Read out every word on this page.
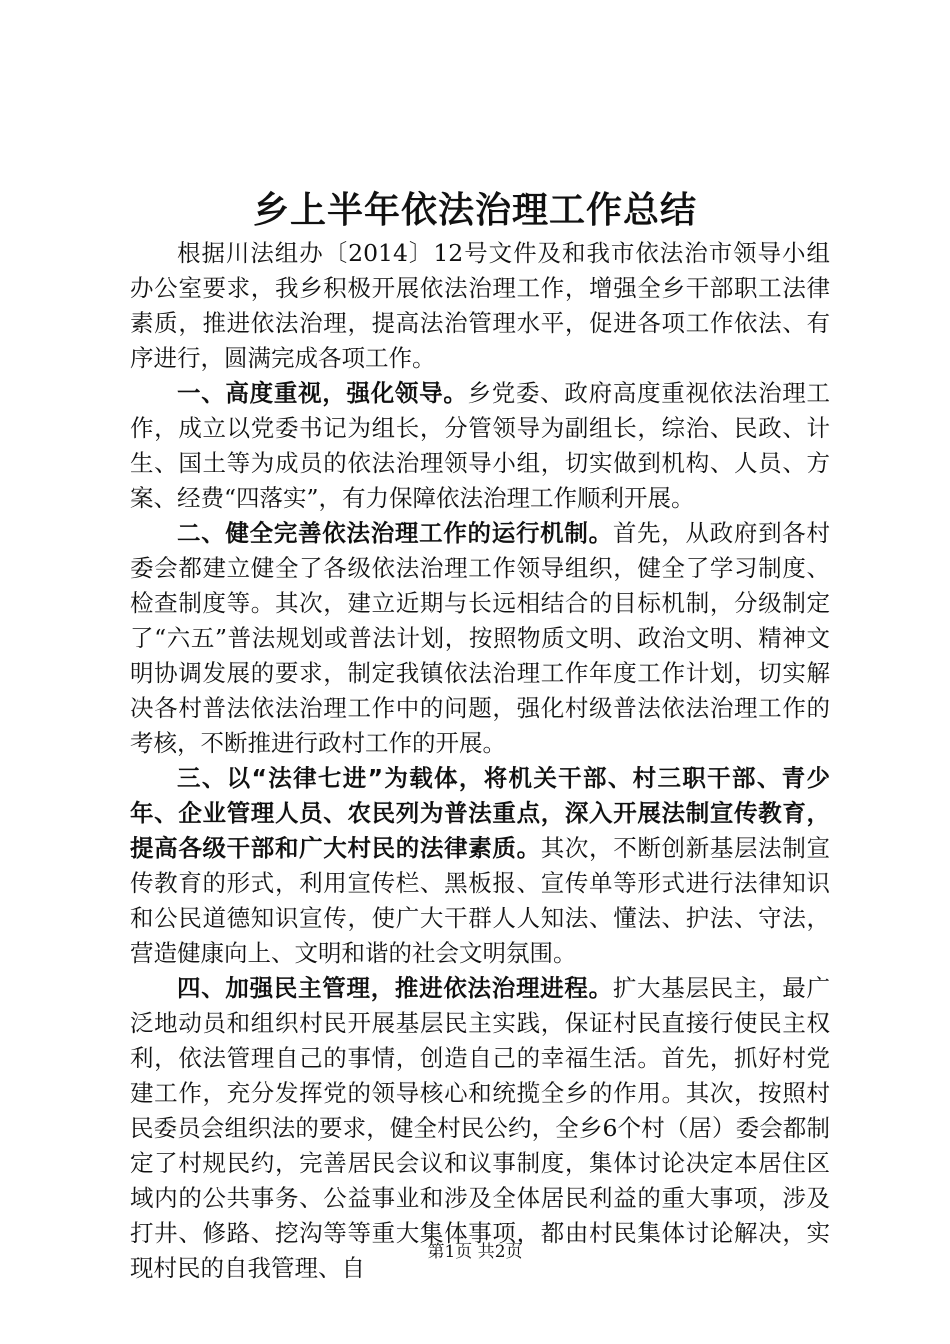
乡上半年依法治理工作总结

根据川法组办〔2014〕12号文件及和我市依法治市领导小组办公室要求，我乡积极开展依法治理工作，增强全乡干部职工法律素质，推进依法治理，提高法治管理水平，促进各项工作依法、有序进行，圆满完成各项工作。

一、高度重视，强化领导。乡党委、政府高度重视依法治理工作，成立以党委书记为组长，分管领导为副组长，综治、民政、计生、国土等为成员的依法治理领导小组，切实做到机构、人员、方案、经费“四落实”，有力保障依法治理工作顺利开展。

二、健全完善依法治理工作的运行机制。首先，从政府到各村委会都建立健全了各级依法治理工作领导组织，健全了学习制度、检查制度等。其次，建立近期与长远相结合的目标机制，分级制定了“六五”普法规划或普法计划，按照物质文明、政治文明、精神文明协调发展的要求，制定我镇依法治理工作年度工作计划，切实解决各村普法依法治理工作中的问题，强化村级普法依法治理工作的考核，不断推进行政村工作的开展。

三、以“法律七进”为载体，将机关干部、村三职干部、青少年、企业管理人员、农民列为普法重点，深入开展法制宣传教育，提高各级干部和广大村民的法律素质。其次，不断创新基层法制宣传教育的形式，利用宣传栏、黑板报、宣传单等形式进行法律知识和公民道德知识宣传，使广大干群人人知法、懂法、护法、守法，营造健康向上、文明和谐的社会文明氛围。

四、加强民主管理，推进依法治理进程。扩大基层民主，最广泛地动员和组织村民开展基层民主实践，保证村民直接行使民主权利，依法管理自己的事情，创造自己的幸福生活。首先，抓好村党建工作，充分发挥党的领导核心和统揽全乡的作用。其次，按照村民委员会组织法的要求，健全村民公约，全乡6个村（居）委会都制定了村规民约，完善居民会议和议事制度，集体讨论决定本居住区域内的公共事务、公益事业和涉及全体居民利益的重大事项，涉及打井、修路、挖沟等等重大集体事项，都由村民集体讨论解决，实现村民的自我管理、自

第1页 共2页
